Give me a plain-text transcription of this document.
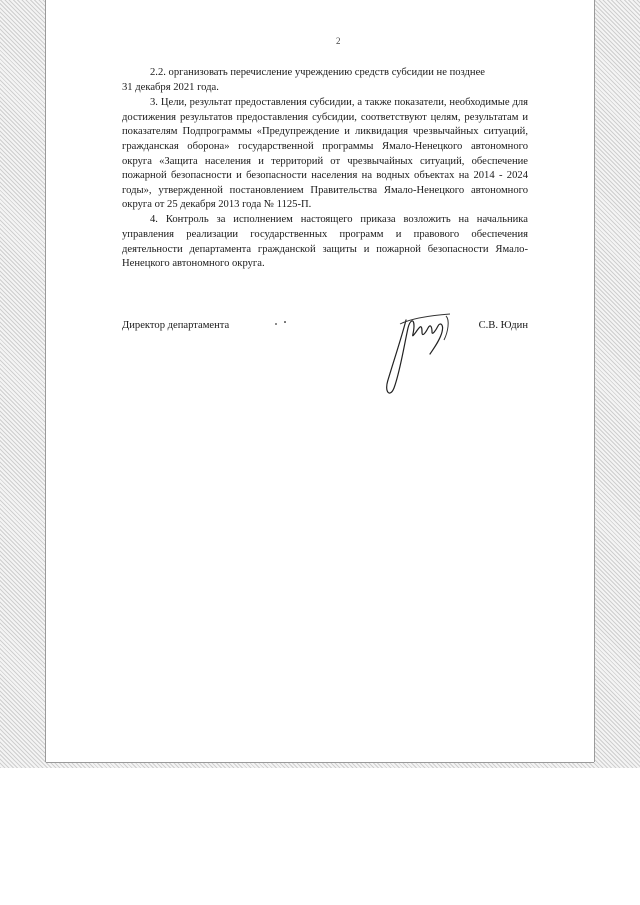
2

2.2. организовать перечисление учреждению средств субсидии не позднее

31 декабря 2021 года.

3. Цели, результат предоставления субсидии, а также показатели, необходимые для достижения результатов предоставления субсидии, соответствуют целям, результатам и показателям Подпрограммы «Предупреждение и ликвидация чрезвычайных ситуаций, гражданская оборона» государственной программы Ямало-Ненецкого автономного округа «Защита населения и территорий от чрезвычайных ситуаций, обеспечение пожарной безопасности и безопасности населения на водных объектах на 2014 - 2024 годы», утвержденной постановлением Правительства Ямало-Ненецкого автономного округа от 25 декабря 2013 года № 1125-П.

4. Контроль за исполнением настоящего приказа возложить на начальника управления реализации государственных программ и правового обеспечения деятельности департамента гражданской защиты и пожарной безопасности Ямало-Ненецкого автономного округа.

Директор департамента	С.В. Юдин
